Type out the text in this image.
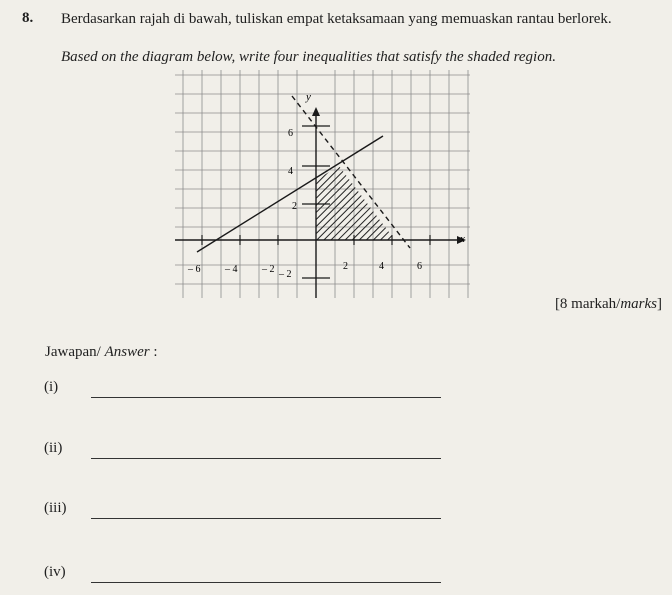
8. Berdasarkan rajah di bawah, tuliskan empat ketaksamaan yang memuaskan rantau berlorek.
Based on the diagram below, write four inequalities that satisfy the shaded region.
y
x
– 6 – 4 – 2	2	4	6
6
4
2
– 2
[8 markah/marks]
Jawapan/ Answer :
(i)
(ii)
(iii)
(iv)
